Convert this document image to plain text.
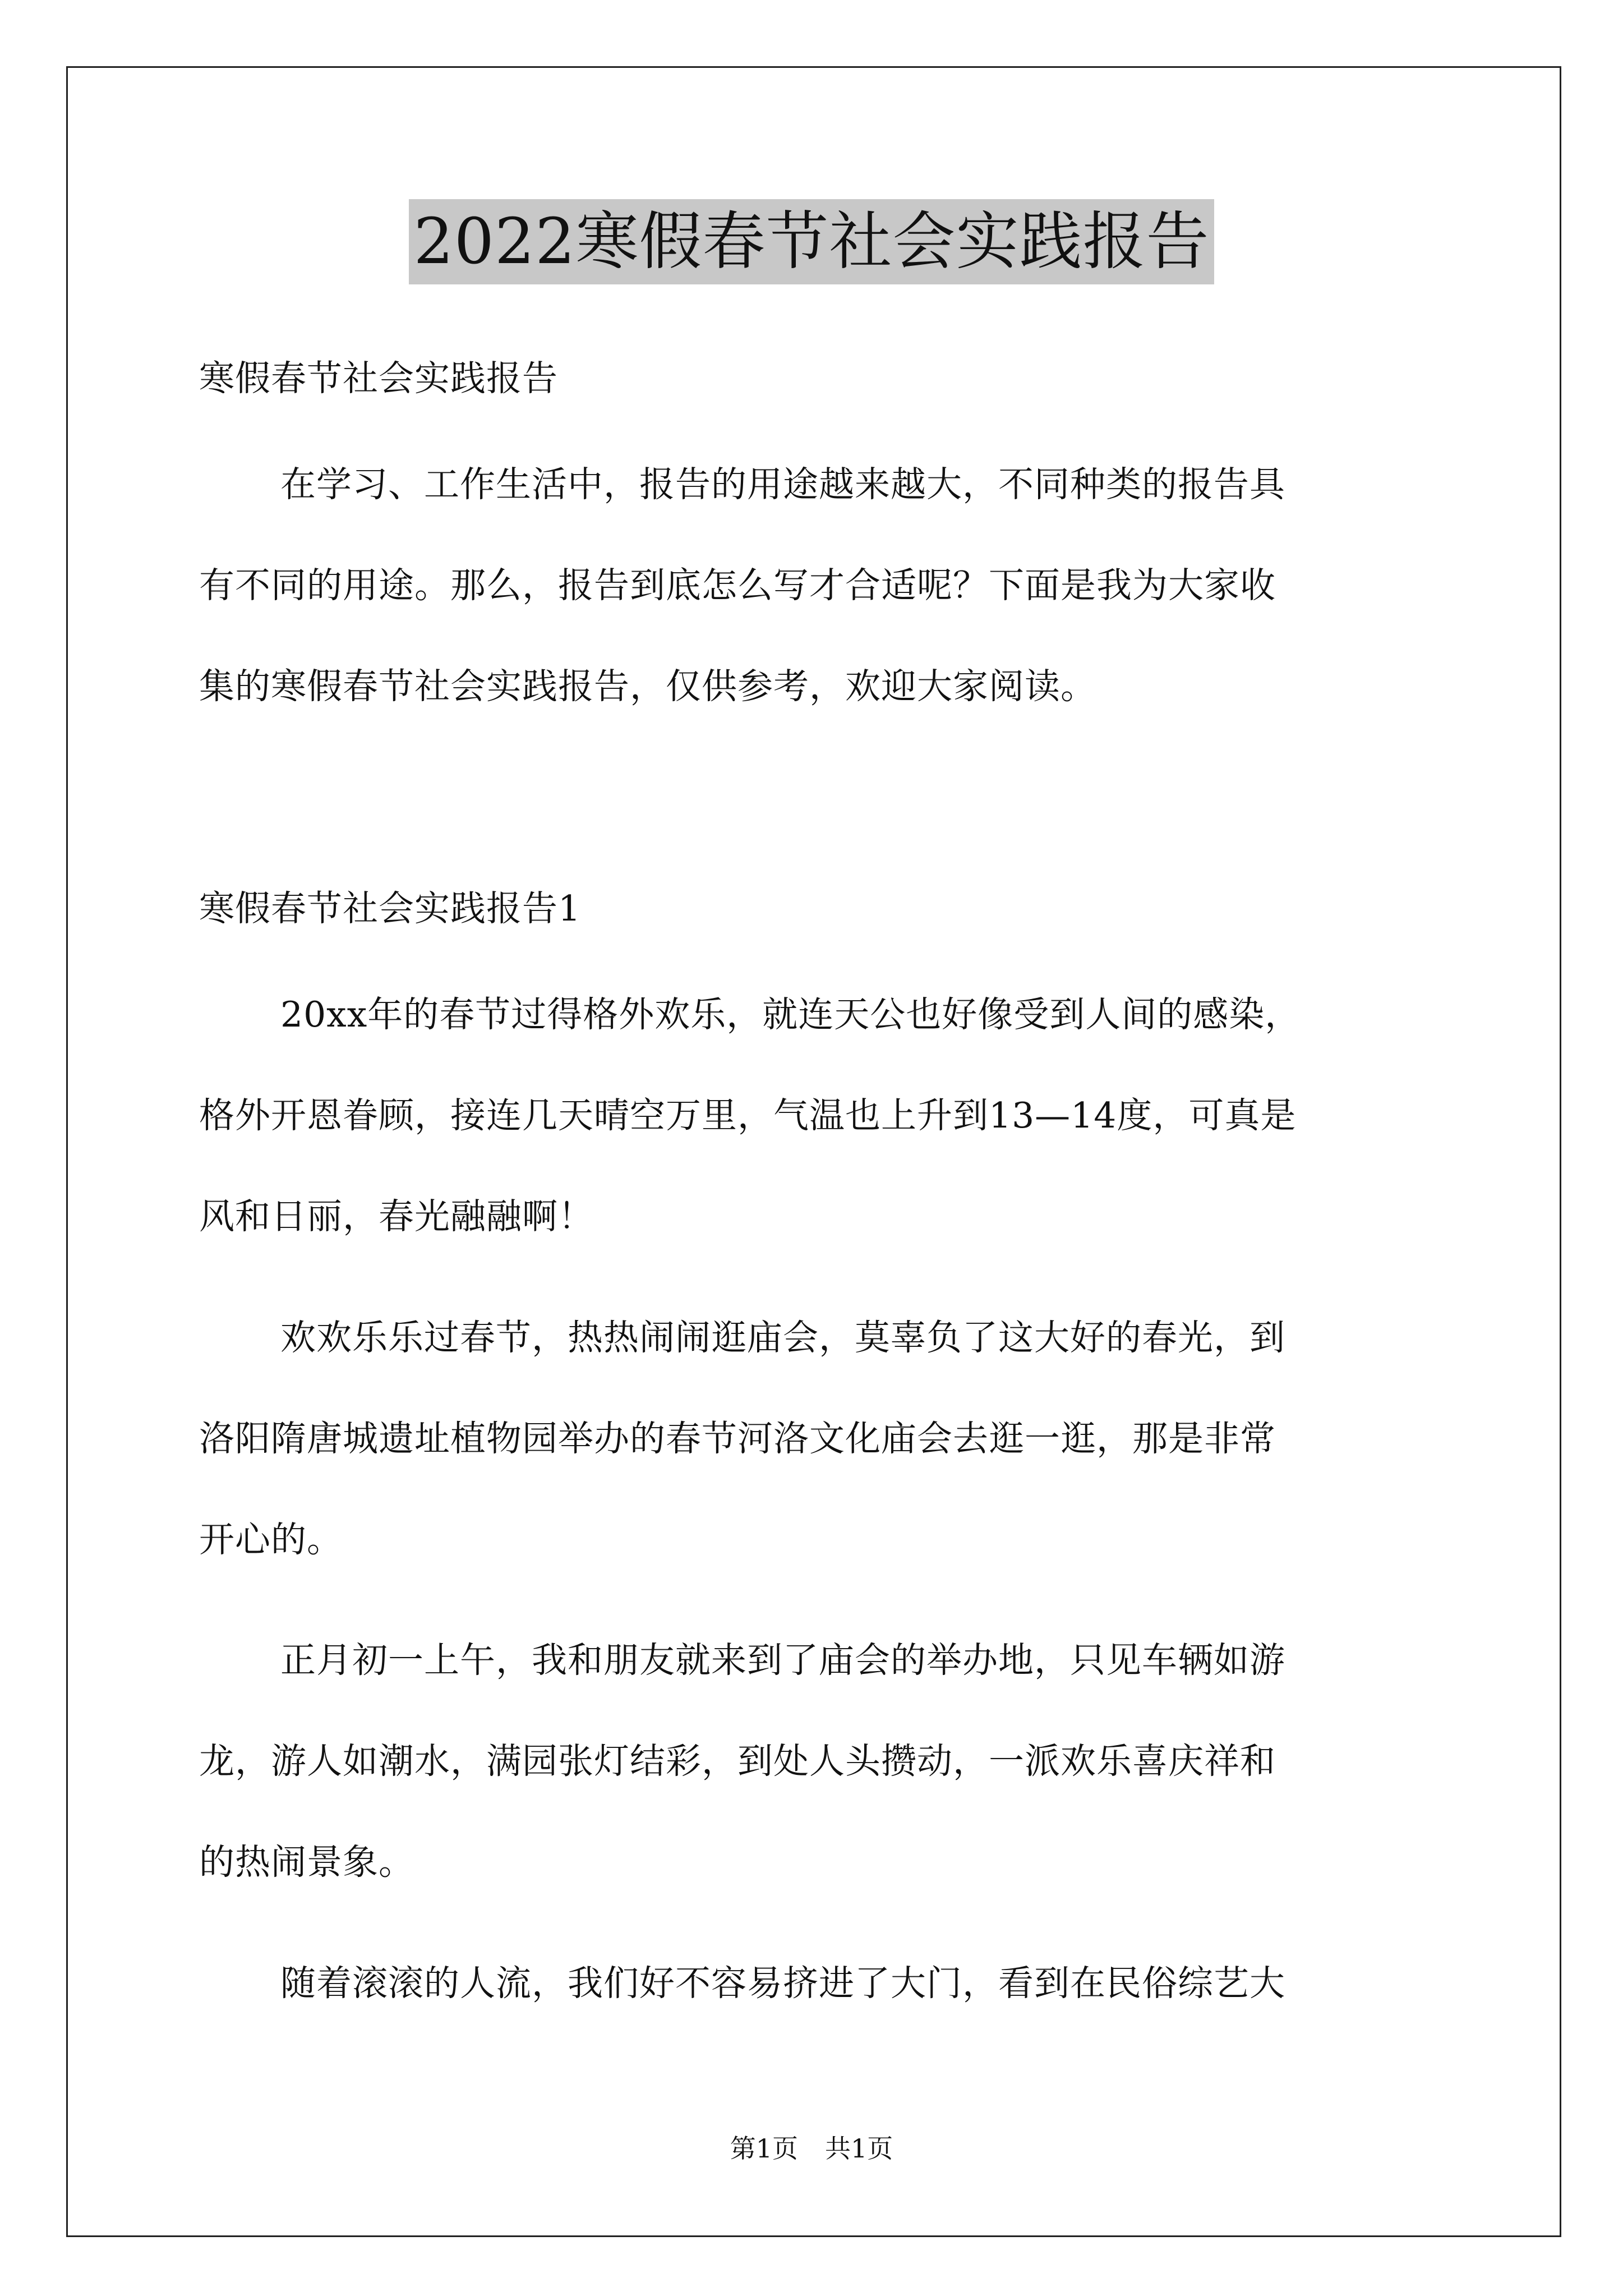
2022寒假春节社会实践报告

寒假春节社会实践报告

在学习、工作生活中，报告的用途越来越大，不同种类的报告具
有不同的用途。那么，报告到底怎么写才合适呢？下面是我为大家收
集的寒假春节社会实践报告，仅供参考，欢迎大家阅读。

寒假春节社会实践报告1

20xx年的春节过得格外欢乐，就连天公也好像受到人间的感染，
格外开恩眷顾，接连几天晴空万里，气温也上升到13—14度，可真是
风和日丽，春光融融啊！
欢欢乐乐过春节，热热闹闹逛庙会，莫辜负了这大好的春光，到
洛阳隋唐城遗址植物园举办的春节河洛文化庙会去逛一逛，那是非常
开心的。
正月初一上午，我和朋友就来到了庙会的举办地，只见车辆如游
龙，游人如潮水，满园张灯结彩，到处人头攒动，一派欢乐喜庆祥和
的热闹景象。
随着滚滚的人流，我们好不容易挤进了大门，看到在民俗综艺大
第1页 共1页
